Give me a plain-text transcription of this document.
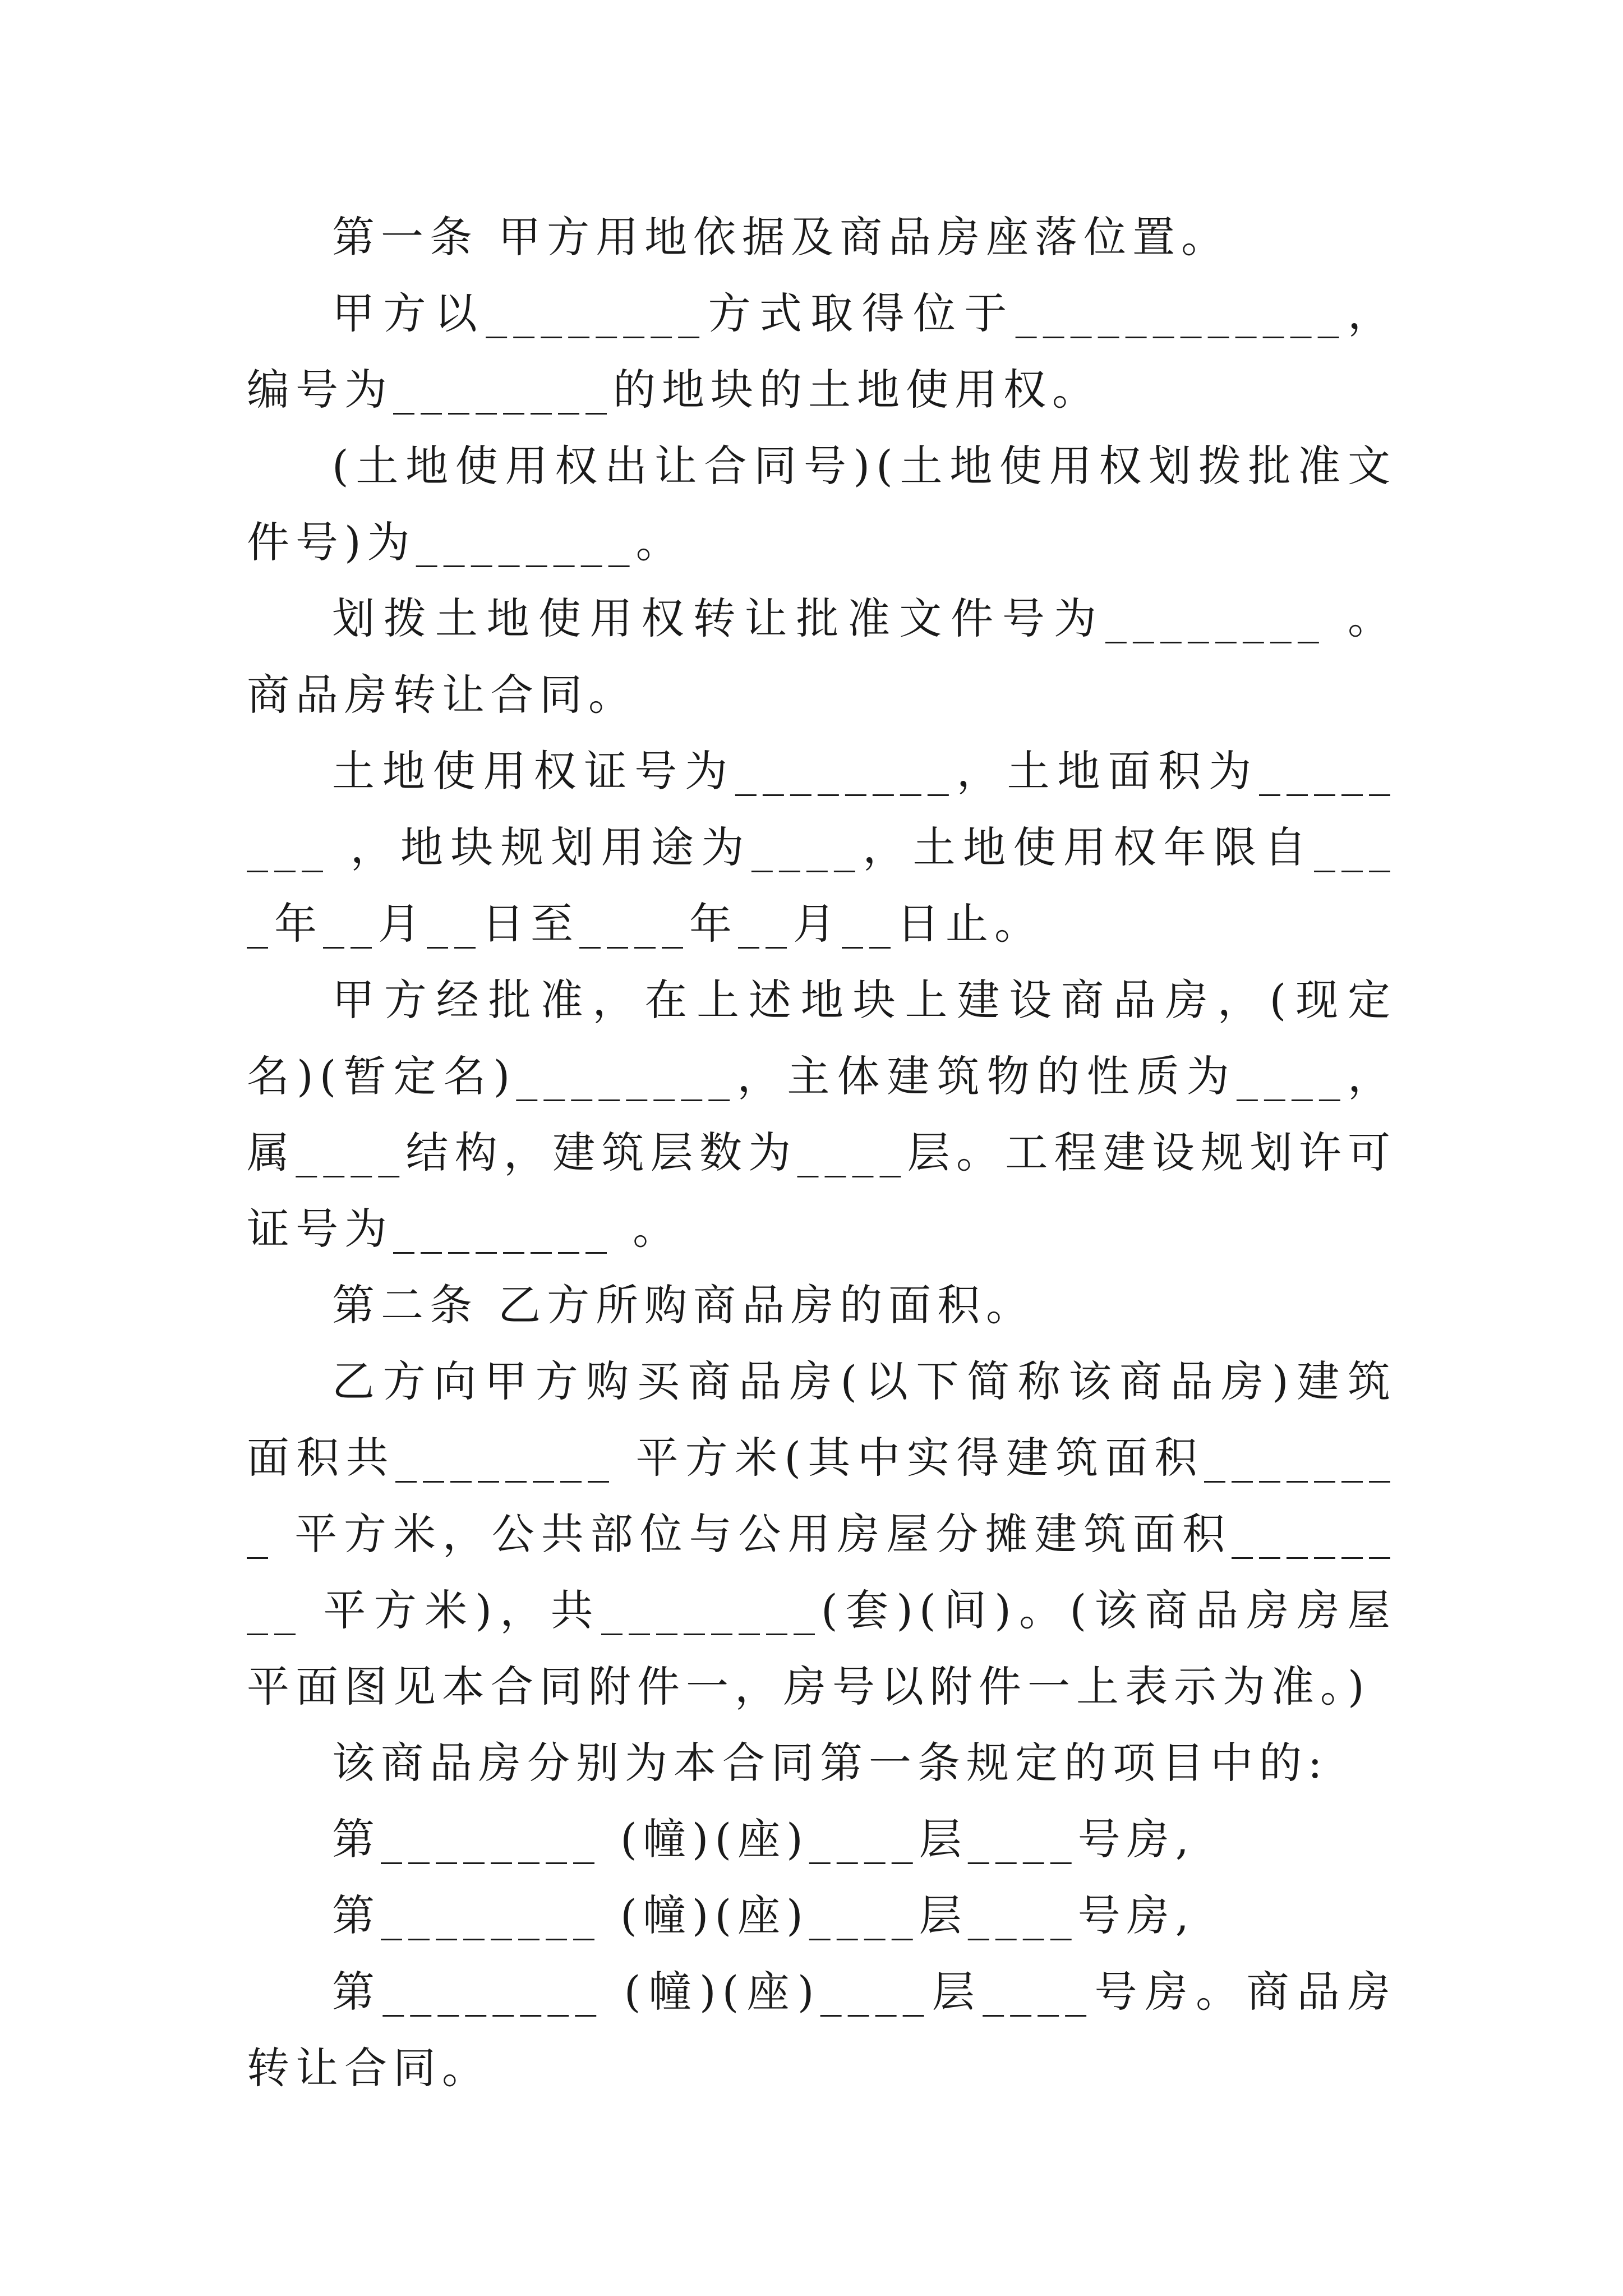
第一条 甲方用地依据及商品房座落位置。

甲方以________方式取得位于____________，编号为________的地块的土地使用权。

(土地使用权出让合同号)(土地使用权划拨批准文件号)为________。

划拨土地使用权转让批准文件号为________ 。商品房转让合同。

土地使用权证号为________，土地面积为________ ，地块规划用途为____，土地使用权年限自____年__月__日至____年__月__日止。

甲方经批准，在上述地块上建设商品房，(现定名)(暂定名)________，主体建筑物的性质为____，属____结构，建筑层数为____层。工程建设规划许可证号为________ 。

第二条 乙方所购商品房的面积。

乙方向甲方购买商品房(以下简称该商品房)建筑面积共________ 平方米(其中实得建筑面积________ 平方米，公共部位与公用房屋分摊建筑面积________ 平方米)，共________(套)(间)。(该商品房房屋平面图见本合同附件一，房号以附件一上表示为准。)

该商品房分别为本合同第一条规定的项目中的:

第________ (幢)(座)____层____号房,

第________ (幢)(座)____层____号房,

第________ (幢)(座)____层____号房。商品房转让合同。
